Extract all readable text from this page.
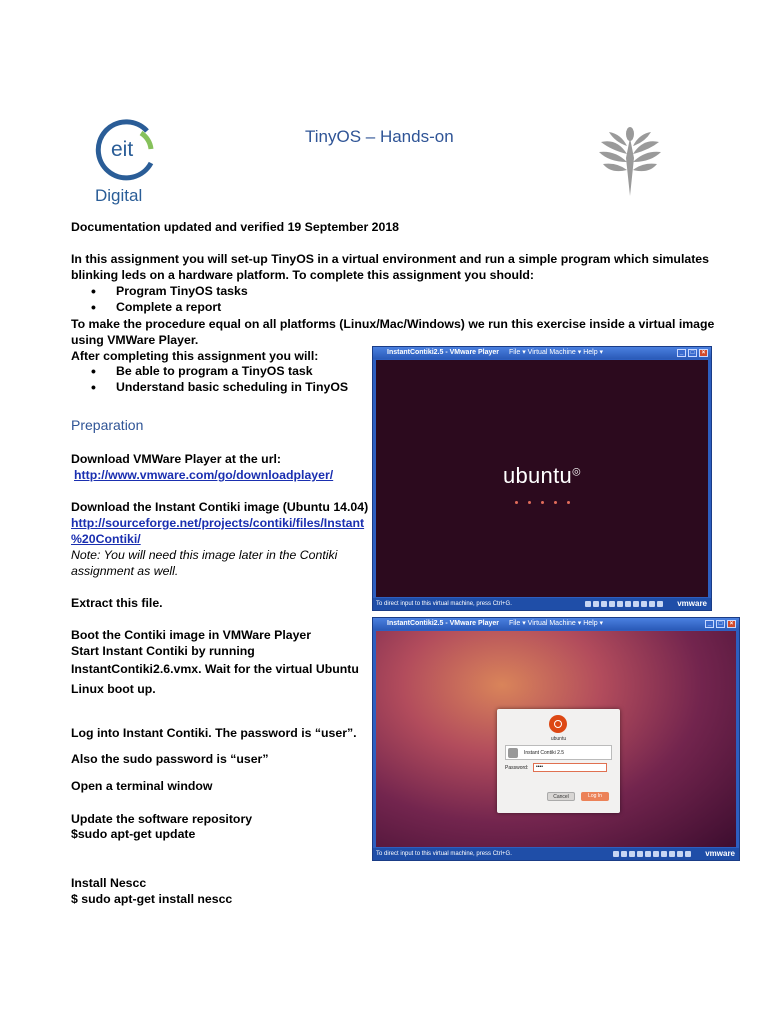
eit
Digital
TinyOS – Hands-on
Documentation updated and verified 19 September 2018
In this assignment you will set-up TinyOS in a virtual environment and run a simple program which simulates
blinking leds on a hardware platform. To complete this assignment you should:
• Program TinyOS tasks
• Complete a report
To make the procedure equal on all platforms (Linux/Mac/Windows) we run this exercise inside a virtual image
using VMWare Player.
After completing this assignment you will:
• Be able to program a TinyOS task
• Understand basic scheduling in TinyOS
Preparation
Download VMWare Player at the url:
http://www.vmware.com/go/downloadplayer/
Download the Instant Contiki image (Ubuntu 14.04)
http://sourceforge.net/projects/contiki/files/Instant
%20Contiki/
Note: You will need this image later in the Contiki
assignment as well.
Extract this file.
Boot the Contiki image in VMWare Player
Start Instant Contiki by running
InstantContiki2.6.vmx. Wait for the virtual Ubuntu
Linux boot up.
Log into Instant Contiki. The password is “user”.
Also the sudo password is “user”
Open a terminal window
Update the software repository
$sudo apt-get update
Install Nescc
$ sudo apt-get install nescc
InstantContiki2.5 - VMware Player File ▾ Virtual Machine ▾ Help ▾	_	□	×
ubuntu◎
To direct input to this virtual machine, press Ctrl+G.	vmware
InstantContiki2.5 - VMware Player File ▾ Virtual Machine ▾ Help ▾	_	□	×
ubuntu
Instant Contiki 2.5
Password:	••••
Cancel	Log In
To direct input to this virtual machine, press Ctrl+G.	vmware
